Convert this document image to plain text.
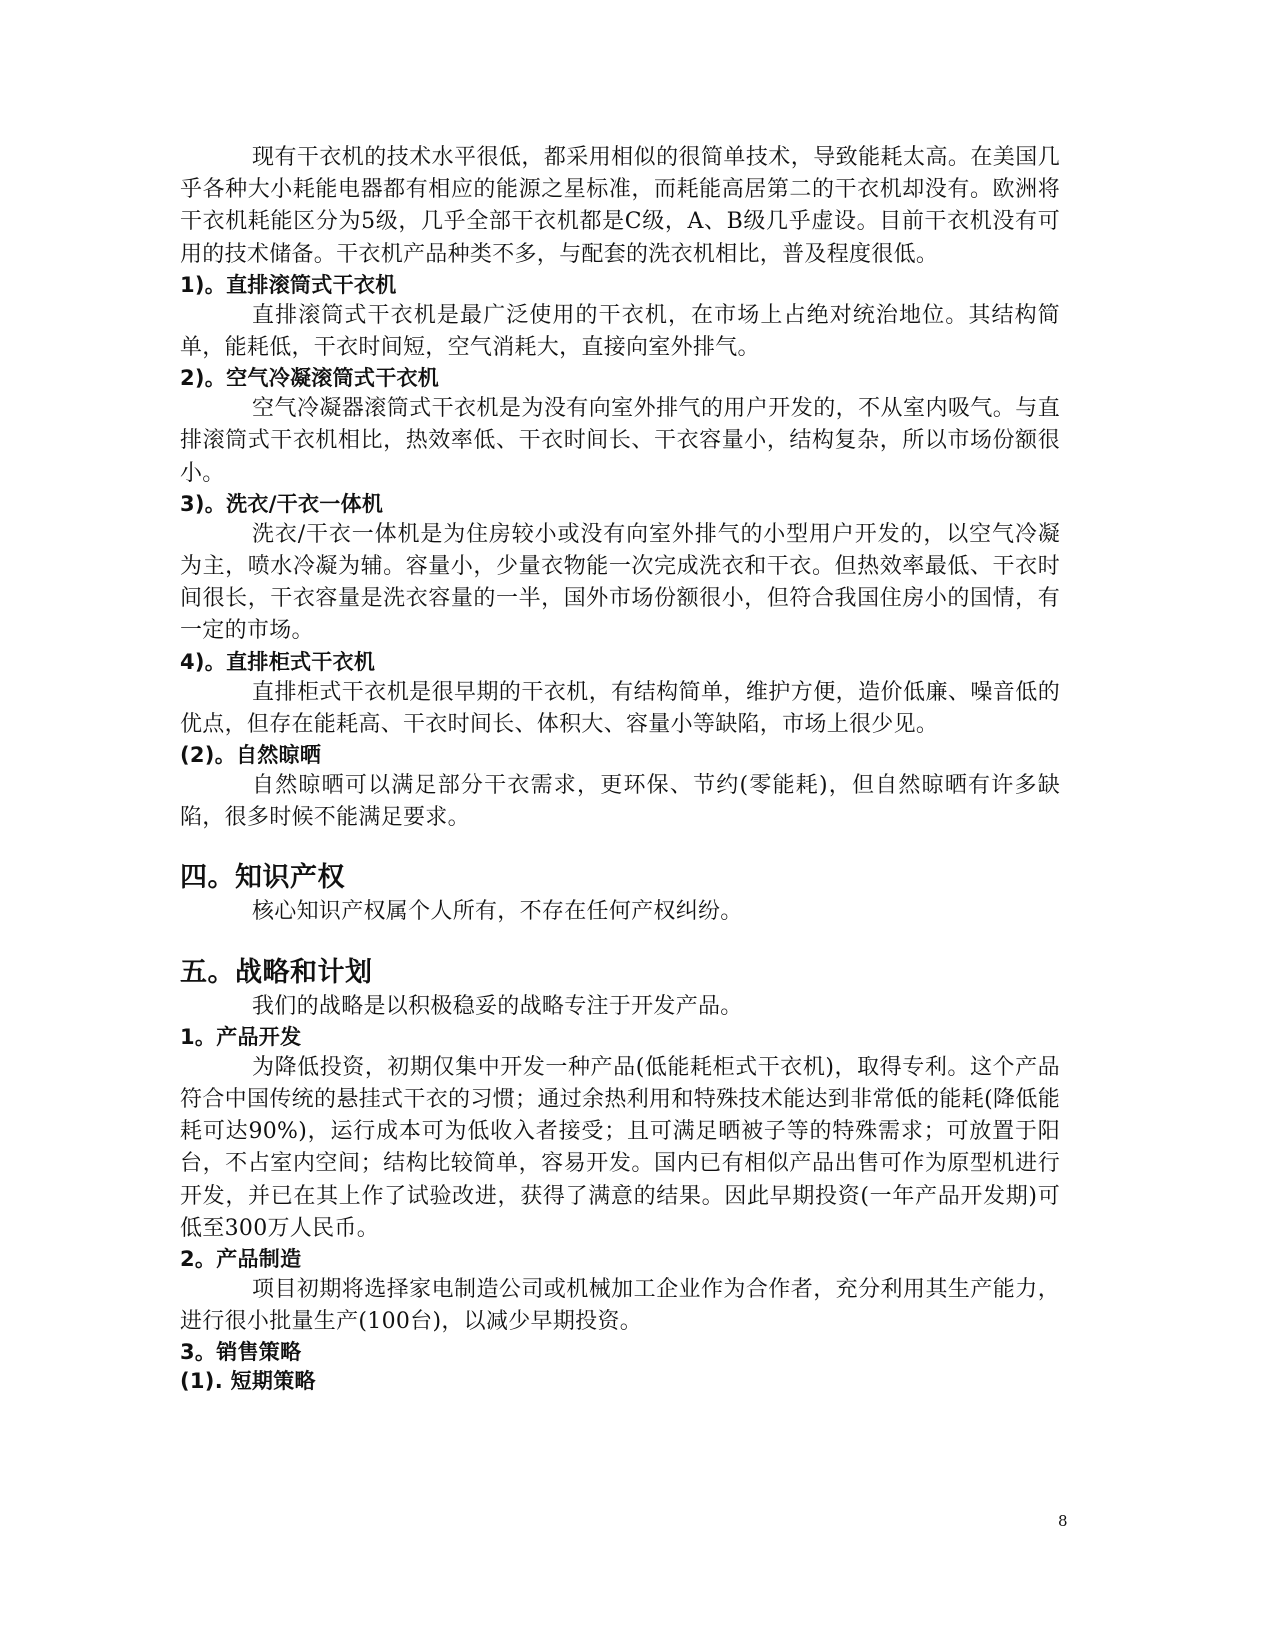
现有干衣机的技术水平很低，都采用相似的很简单技术，导致能耗太高。在美国几乎各种大小耗能电器都有相应的能源之星标准，而耗能高居第二的干衣机却没有。欧洲将干衣机耗能区分为5级，几乎全部干衣机都是C级，A、B级几乎虚设。目前干衣机没有可用的技术储备。干衣机产品种类不多，与配套的洗衣机相比，普及程度很低。

1)。直排滚筒式干衣机

直排滚筒式干衣机是最广泛使用的干衣机，在市场上占绝对统治地位。其结构简单，能耗低，干衣时间短，空气消耗大，直接向室外排气。

2)。空气冷凝滚筒式干衣机

空气冷凝器滚筒式干衣机是为没有向室外排气的用户开发的，不从室内吸气。与直排滚筒式干衣机相比，热效率低、干衣时间长、干衣容量小，结构复杂，所以市场份额很小。

3)。洗衣/干衣一体机

洗衣/干衣一体机是为住房较小或没有向室外排气的小型用户开发的，以空气冷凝为主，喷水冷凝为辅。容量小，少量衣物能一次完成洗衣和干衣。但热效率最低、干衣时间很长，干衣容量是洗衣容量的一半，国外市场份额很小，但符合我国住房小的国情，有一定的市场。

4)。直排柜式干衣机

直排柜式干衣机是很早期的干衣机，有结构简单，维护方便，造价低廉、噪音低的优点，但存在能耗高、干衣时间长、体积大、容量小等缺陷，市场上很少见。

(2)。自然晾晒

自然晾晒可以满足部分干衣需求，更环保、节约(零能耗)，但自然晾晒有许多缺陷，很多时候不能满足要求。

四。知识产权

核心知识产权属个人所有，不存在任何产权纠纷。

五。战略和计划

我们的战略是以积极稳妥的战略专注于开发产品。

1。产品开发

为降低投资，初期仅集中开发一种产品(低能耗柜式干衣机)，取得专利。这个产品符合中国传统的悬挂式干衣的习惯；通过余热利用和特殊技术能达到非常低的能耗(降低能耗可达90%)，运行成本可为低收入者接受；且可满足晒被子等的特殊需求；可放置于阳台，不占室内空间；结构比较简单，容易开发。国内已有相似产品出售可作为原型机进行开发，并已在其上作了试验改进，获得了满意的结果。因此早期投资(一年产品开发期)可低至300万人民币。

2。产品制造

项目初期将选择家电制造公司或机械加工企业作为合作者，充分利用其生产能力，进行很小批量生产(100台)，以减少早期投资。

3。销售策略

(1). 短期策略

8
